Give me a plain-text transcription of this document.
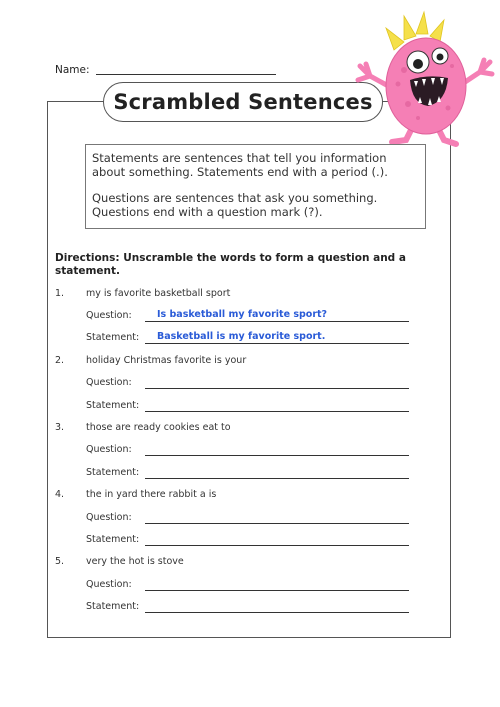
Name:
Scrambled Sentences

Statements are sentences that tell you information about something. Statements end with a period (.).

Questions are sentences that ask you something. Questions end with a question mark (?).

Directions: Unscramble the words to form a question and a statement.
1. my is favorite basketball sport
Question:	Is basketball my favorite sport?
Statement: Basketball is my favorite sport.
2. holiday Christmas favorite is your
Question:
Statement:
3. those are ready cookies eat to
Question:
Statement:
4. the in yard there rabbit a is
Question:
Statement:
5. very the hot is stove
Question:
Statement:
